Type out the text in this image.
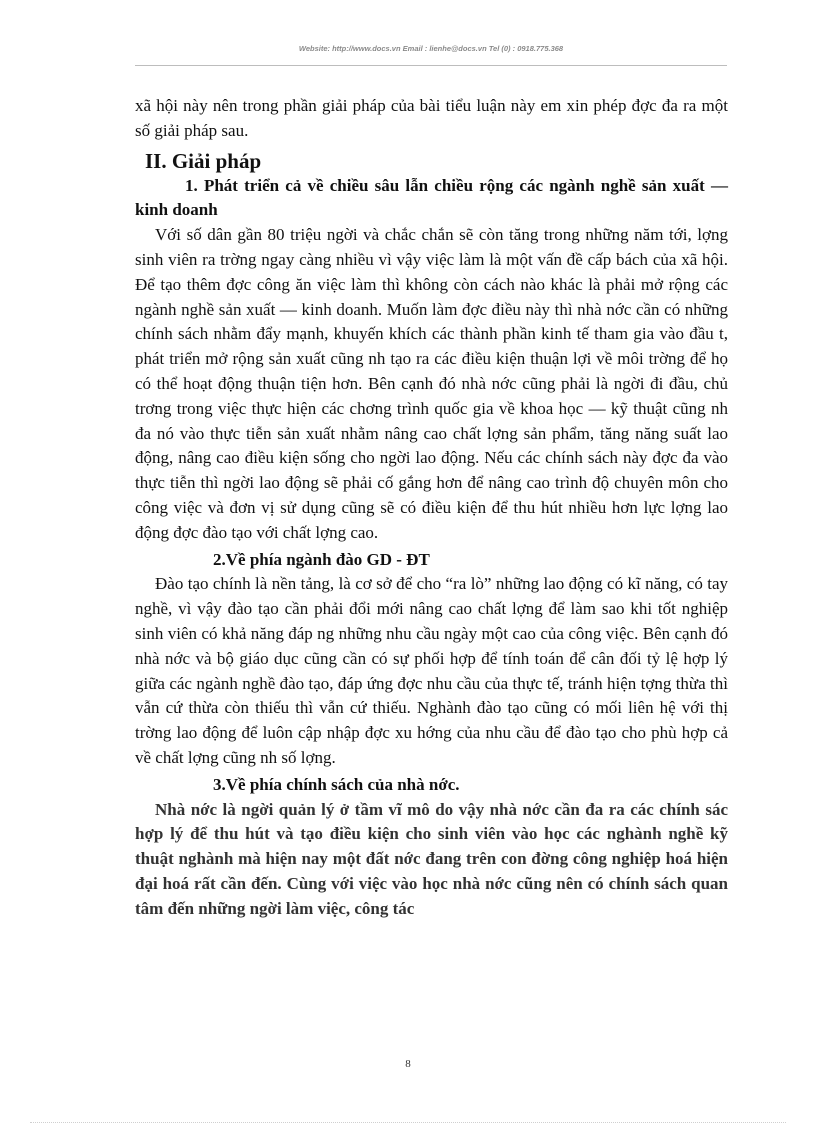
Website: http://www.docs.vn Email : lienhe@docs.vn Tel (0) : 0918.775.368

xã hội này nên trong phần giải pháp của bài tiểu luận này em xin phép đợc đa ra một số giải pháp sau.

II. Giải pháp

1. Phát triển cả về chiều sâu lẫn chiều rộng các ngành nghề sản xuất —kinh doanh

Với số dân gần 80 triệu ngời và chắc chắn sẽ còn tăng trong những năm tới, lợng sinh viên ra trờng ngay càng nhiều vì vậy việc làm là một vấn đề cấp bách của xã hội. Để tạo thêm đợc công ăn việc làm thì không còn cách nào khác là phải mở rộng các ngành nghề sản xuất — kinh doanh. Muốn làm đợc điều này thì nhà nớc cần có những chính sách nhằm đẩy mạnh, khuyến khích các thành phần kinh tế tham gia vào đầu t, phát triển mở rộng sản xuất cũng nh tạo ra các điều kiện thuận lợi về môi trờng để họ có thể hoạt động thuận tiện hơn. Bên cạnh đó nhà nớc cũng phải là ngời đi đầu, chủ trơng trong việc thực hiện các chơng trình quốc gia về khoa học — kỹ thuật cũng nh đa nó vào thực tiễn sản xuất nhằm nâng cao chất lợng sản phẩm, tăng năng suất lao động, nâng cao điều kiện sống cho ngời lao động. Nếu các chính sách này đợc đa vào thực tiễn thì ngời lao động sẽ phải cố gắng hơn để nâng cao trình độ chuyên môn cho công việc và đơn vị sử dụng cũng sẽ có điều kiện để thu hút nhiều hơn lực lợng lao động đợc đào tạo với chất lợng cao.

2.Về phía ngành đào GD - ĐT

Đào tạo chính là nền tảng, là cơ sở để cho “ra lò” những lao động có kĩ năng, có tay nghề, vì vậy đào tạo cần phải đổi mới nâng cao chất lợng để làm sao khi tốt nghiệp sinh viên có khả năng đáp ng những nhu cầu ngày một cao của công việc. Bên cạnh đó nhà nớc và bộ giáo dục cũng cần có sự phối hợp để tính toán để cân đối tỷ lệ hợp lý giữa các ngành nghề đào tạo, đáp ứng đợc nhu cầu của thực tế, tránh hiện tợng thừa thì vẫn cứ thừa còn thiếu thì vẫn cứ thiếu. Nghành đào tạo cũng có mối liên hệ với thị trờng lao động để luôn cập nhập đợc xu hớng của nhu cầu để đào tạo cho phù hợp cả về chất lợng cũng nh số lợng.

3.Về phía chính sách của nhà nớc.

Nhà nớc là ngời quản lý ở tầm vĩ mô do vậy nhà nớc cần đa ra các chính sác hợp lý để thu hút và tạo điều kiện cho sinh viên vào học các nghành nghề kỹ thuật nghành mà hiện nay một đất nớc đang trên con đờng công nghiệp hoá hiện đại hoá rất cần đến. Cùng với việc vào học nhà nớc cũng nên có chính sách quan tâm đến những ngời làm việc, công tác

8
